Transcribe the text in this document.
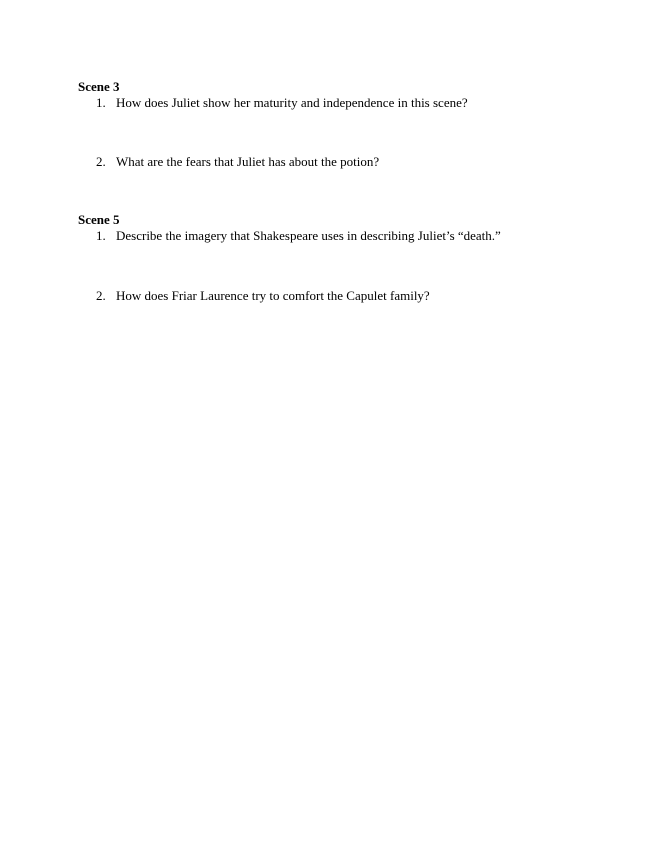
Scene 3
1. How does Juliet show her maturity and independence in this scene?
2. What are the fears that Juliet has about the potion?
Scene 5
1. Describe the imagery that Shakespeare uses in describing Juliet’s “death.”
2. How does Friar Laurence try to comfort the Capulet family?
